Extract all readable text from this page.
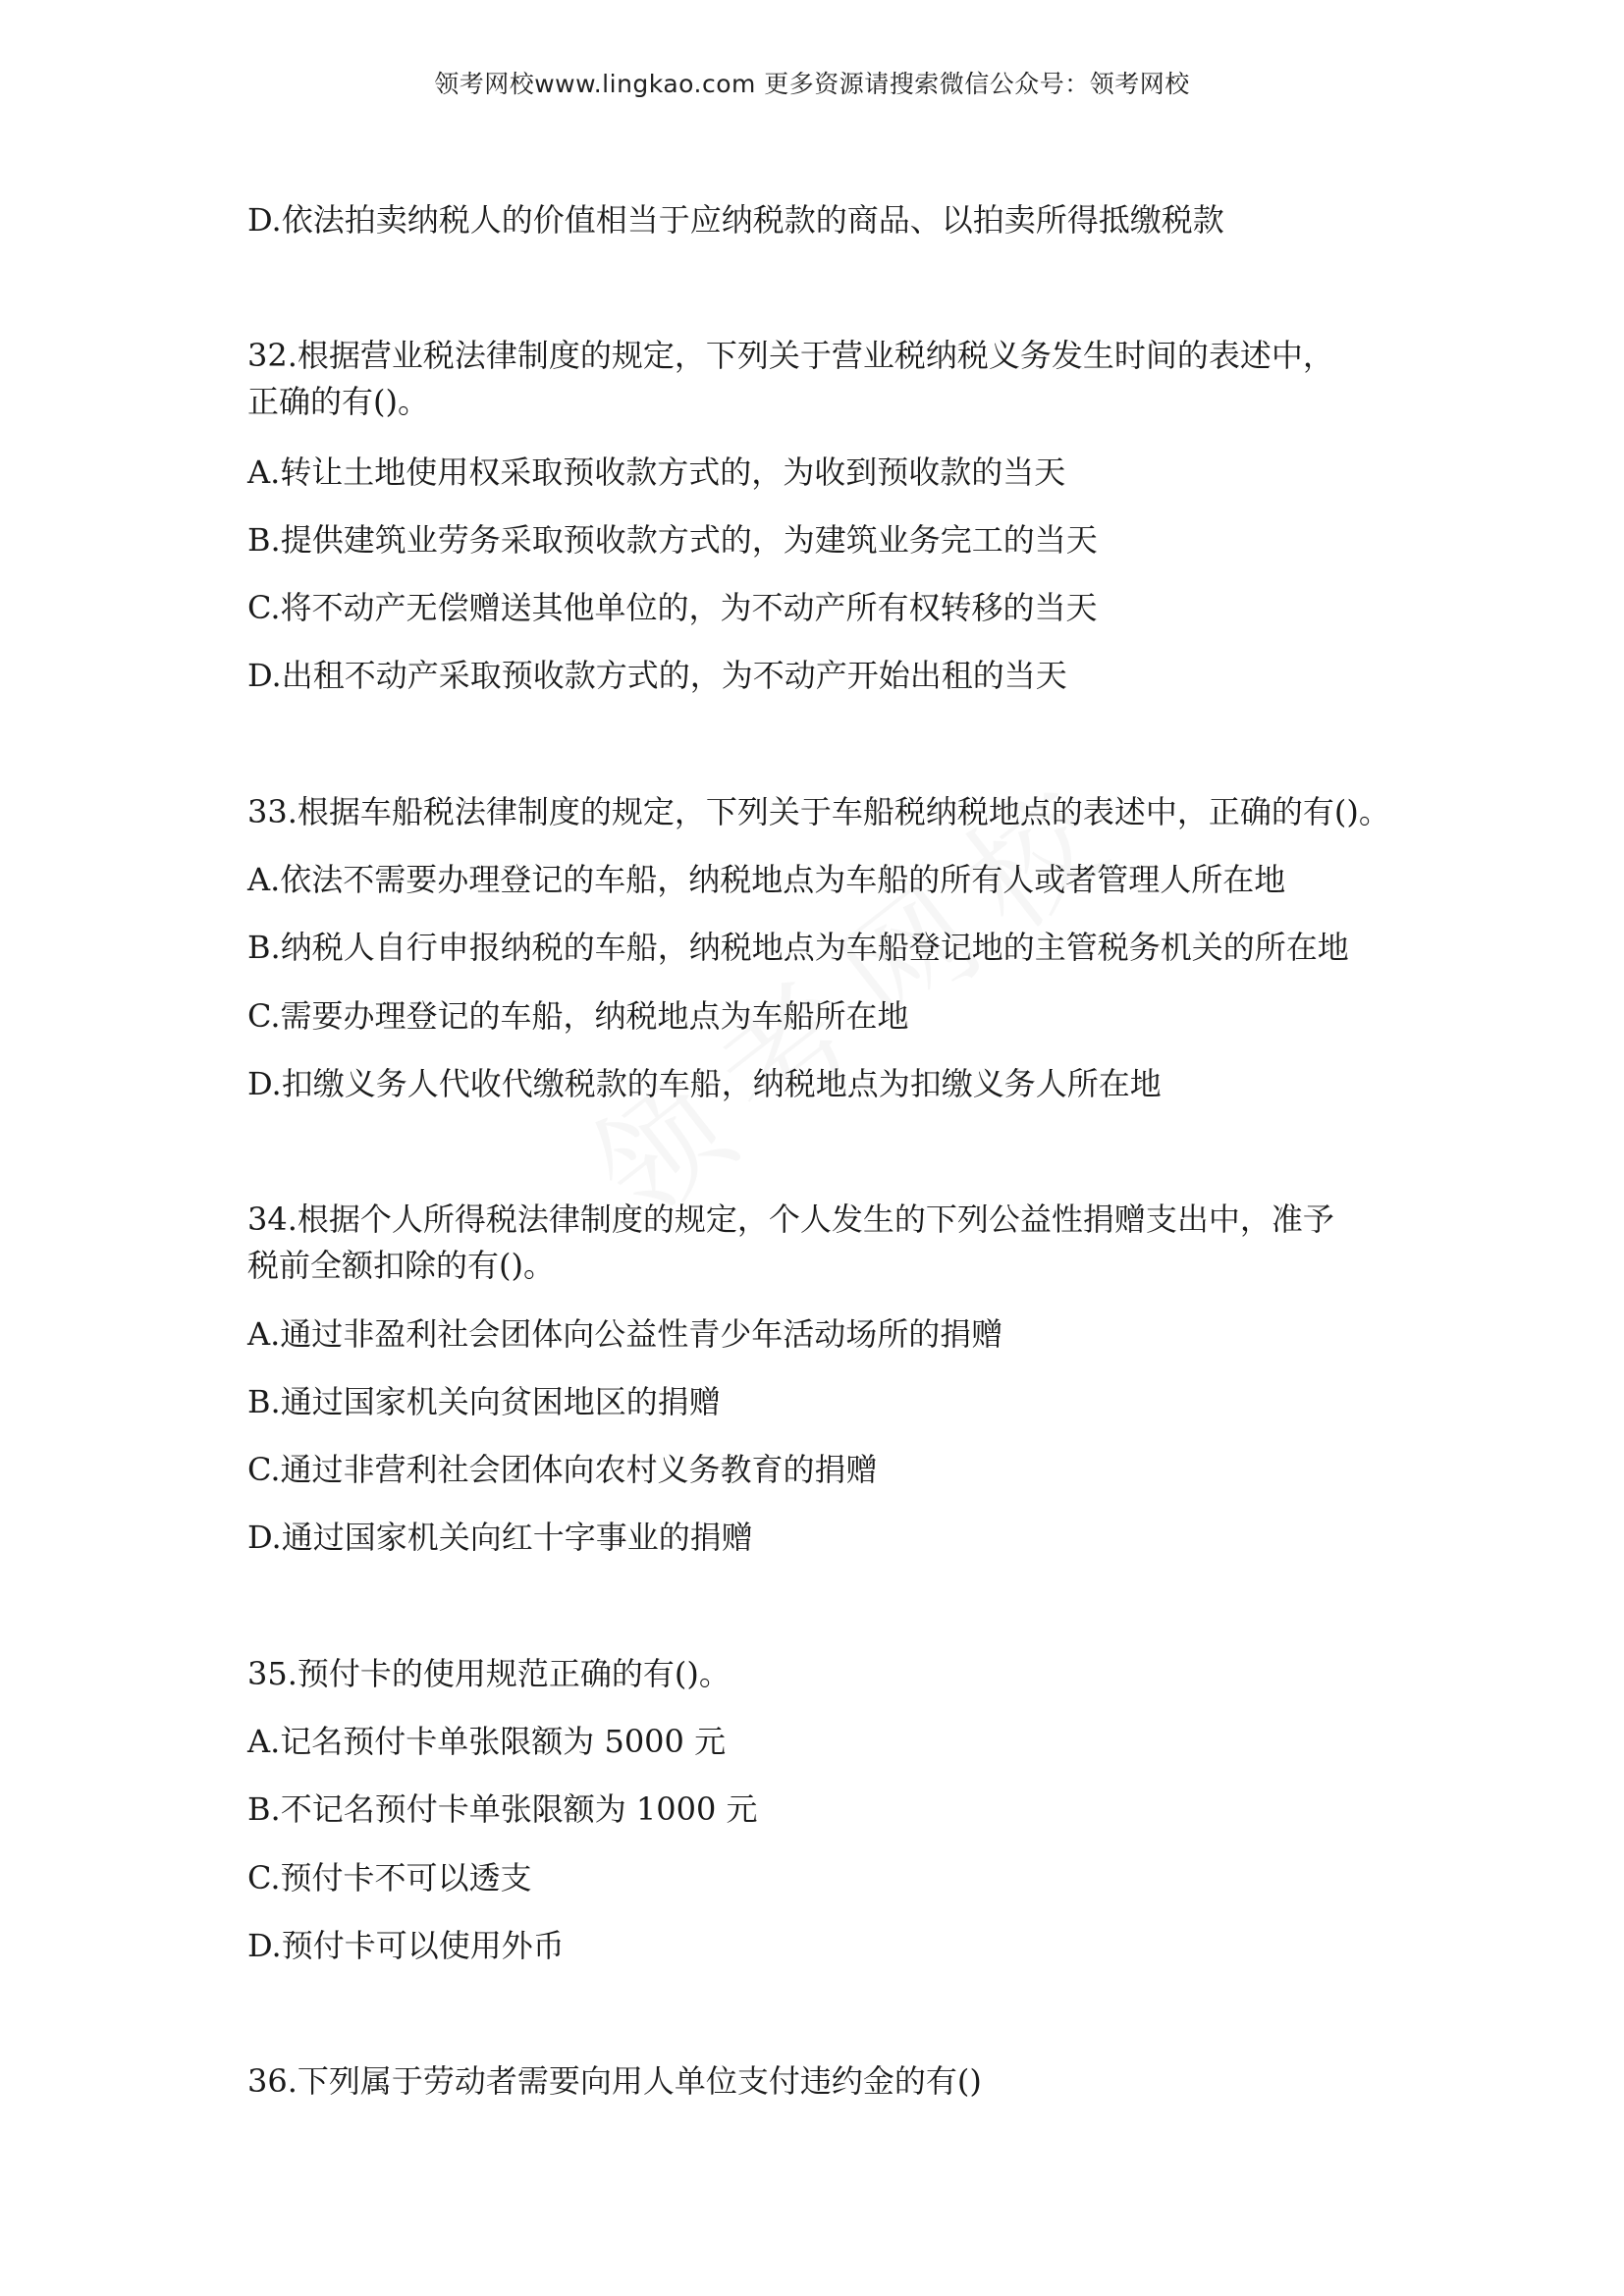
领考网校www.lingkao.com 更多资源请搜索微信公众号：领考网校
D.依法拍卖纳税人的价值相当于应纳税款的商品、以拍卖所得抵缴税款
32.根据营业税法律制度的规定，下列关于营业税纳税义务发生时间的表述中，
正确的有()。
A.转让土地使用权采取预收款方式的，为收到预收款的当天
B.提供建筑业劳务采取预收款方式的，为建筑业务完工的当天
C.将不动产无偿赠送其他单位的，为不动产所有权转移的当天
D.出租不动产采取预收款方式的，为不动产开始出租的当天
33.根据车船税法律制度的规定，下列关于车船税纳税地点的表述中，正确的有()。
A.依法不需要办理登记的车船，纳税地点为车船的所有人或者管理人所在地
B.纳税人自行申报纳税的车船，纳税地点为车船登记地的主管税务机关的所在地
C.需要办理登记的车船，纳税地点为车船所在地
D.扣缴义务人代收代缴税款的车船，纳税地点为扣缴义务人所在地
34.根据个人所得税法律制度的规定，个人发生的下列公益性捐赠支出中，准予
税前全额扣除的有()。
A.通过非盈利社会团体向公益性青少年活动场所的捐赠
B.通过国家机关向贫困地区的捐赠
C.通过非营利社会团体向农村义务教育的捐赠
D.通过国家机关向红十字事业的捐赠
35.预付卡的使用规范正确的有()。
A.记名预付卡单张限额为 5000 元
B.不记名预付卡单张限额为 1000 元
C.预付卡不可以透支
D.预付卡可以使用外币
36.下列属于劳动者需要向用人单位支付违约金的有()
